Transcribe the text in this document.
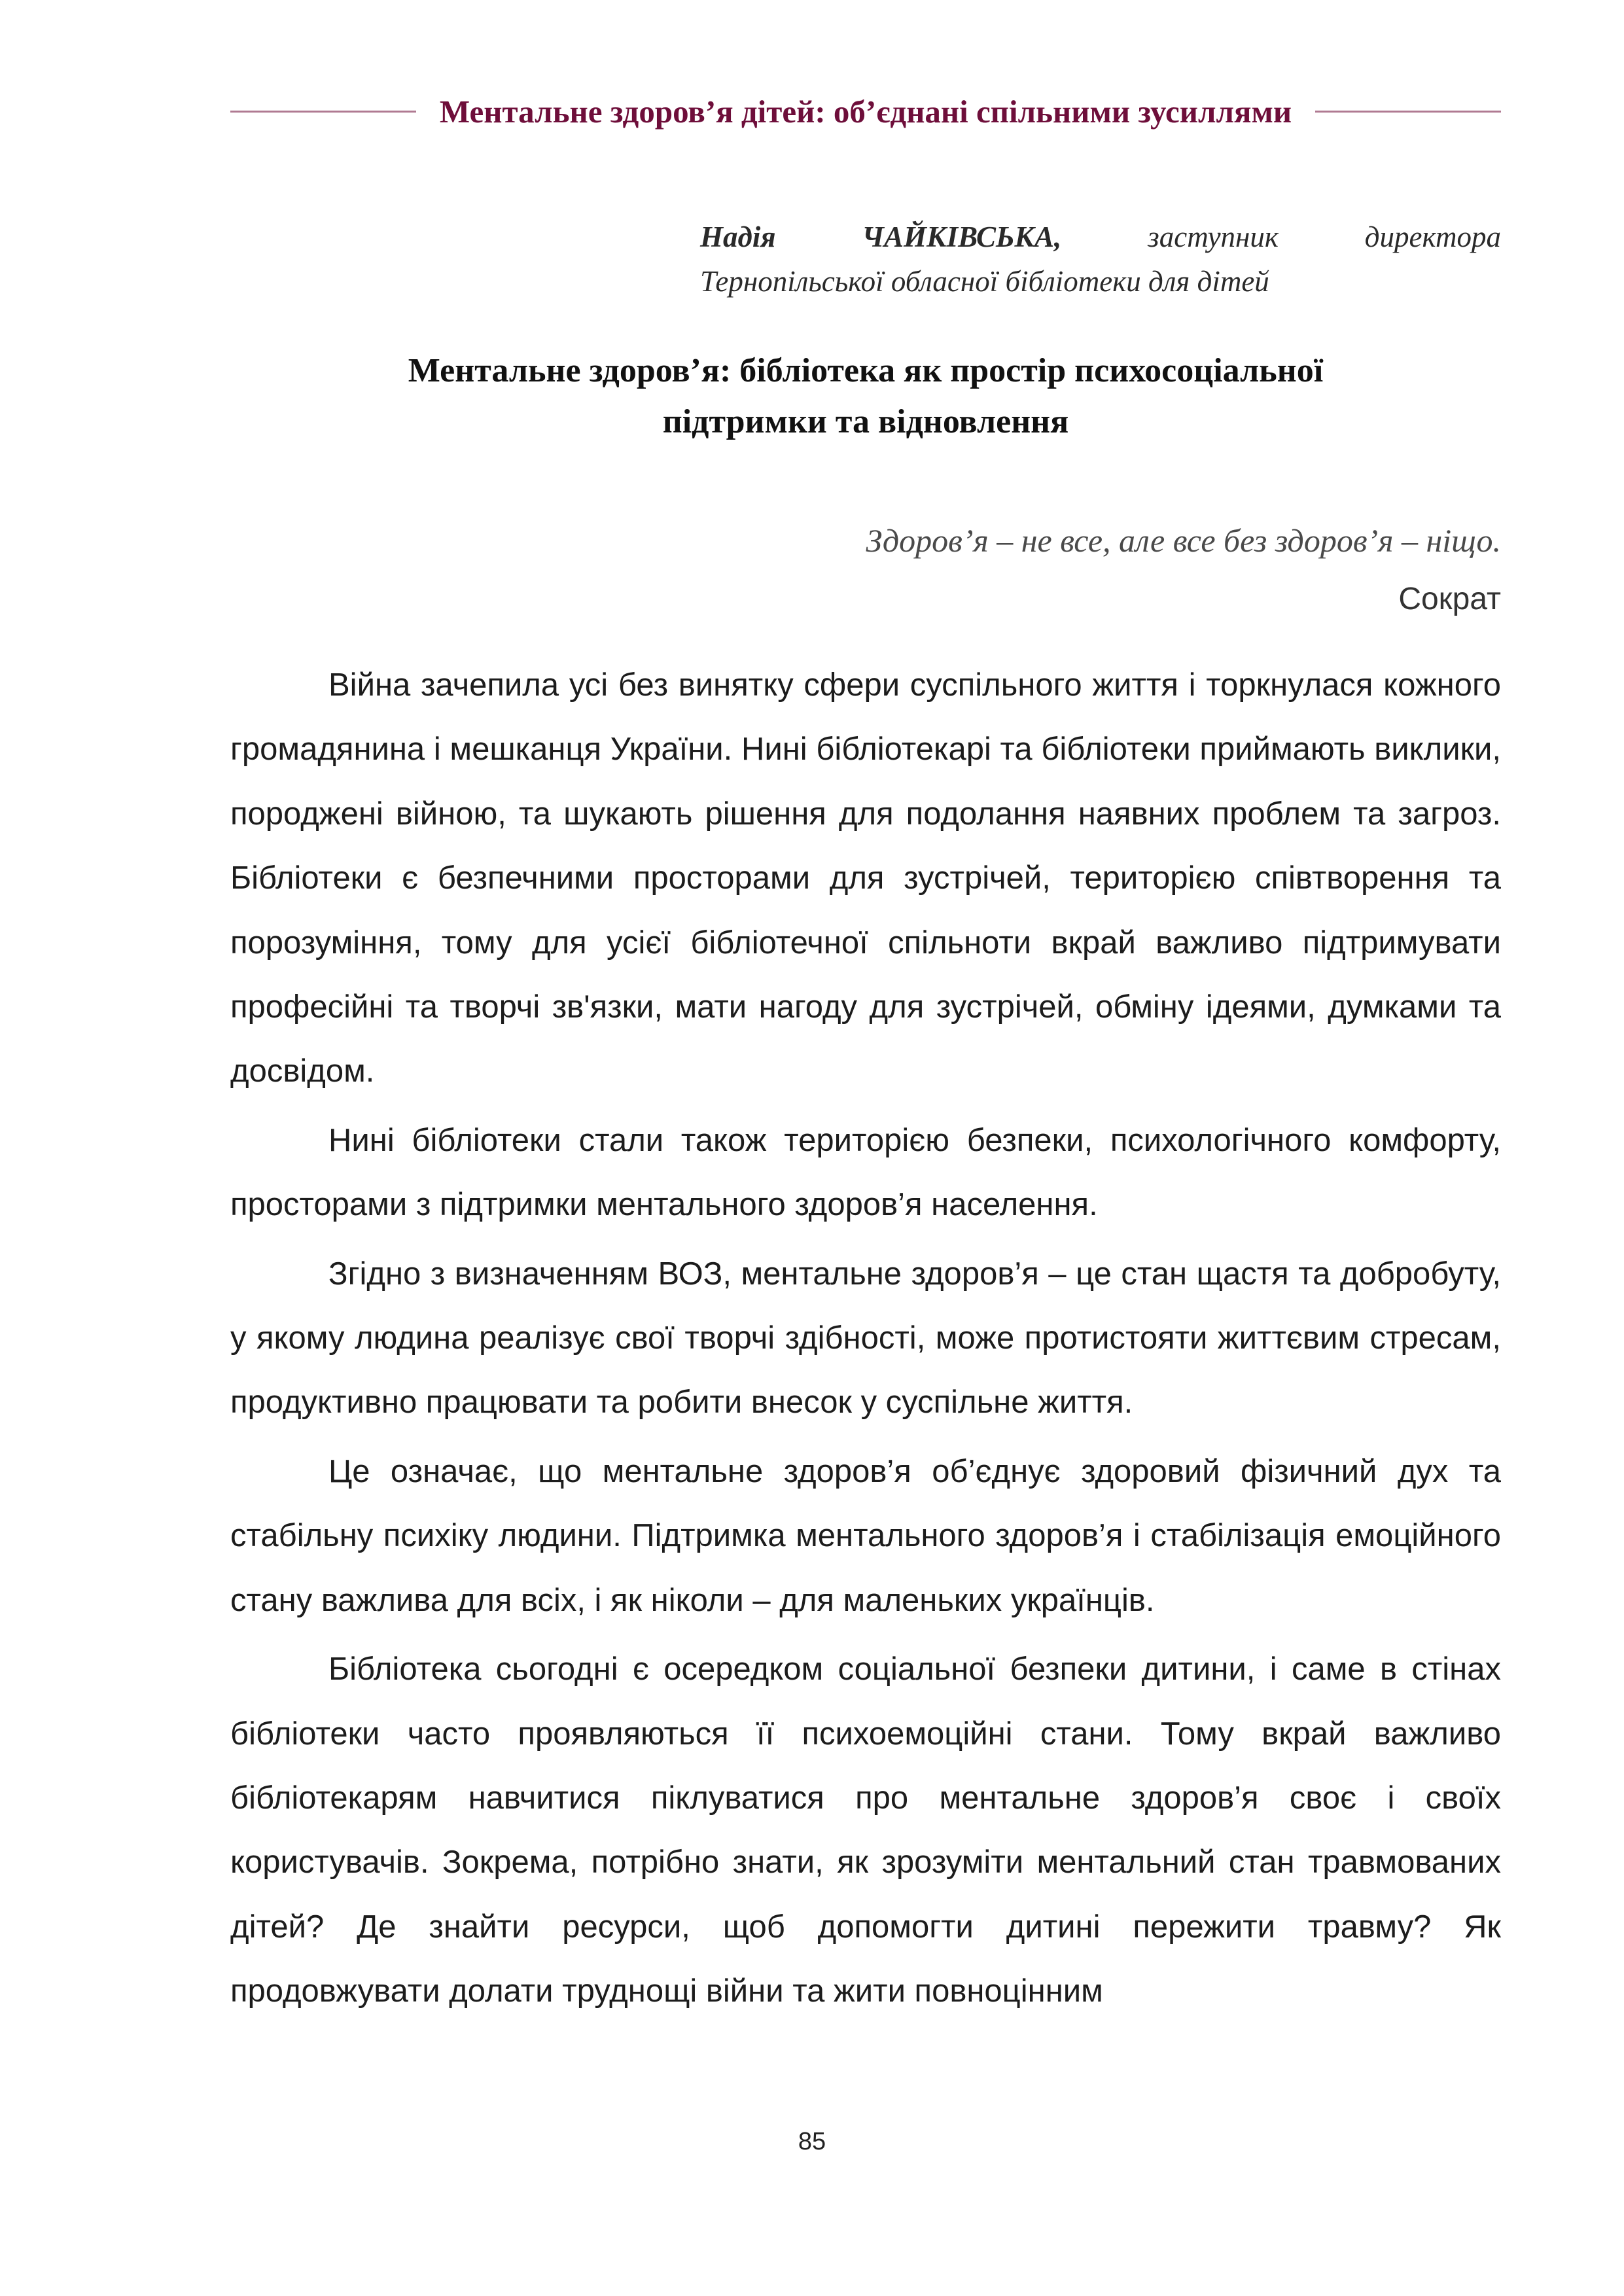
Ментальне здоров’я дітей: об’єднані спільними зусиллями
Надія	ЧАЙКІВСЬКА,	заступник	директора
Тернопільської обласної бібліотеки для дітей
Ментальне здоров’я: бібліотека як простір психосоціальної
підтримки та відновлення
Здоров’я – не все, але все без здоров’я – ніщо.
Сократ

Війна зачепила усі без винятку сфери суспільного життя і торкнулася кожного громадянина і мешканця України. Нині бібліотекарі та бібліотеки приймають виклики, породжені війною, та шукають рішення для подолання наявних проблем та загроз. Бібліотеки є безпечними просторами для зустрічей, територією співтворення та порозуміння, тому для усієї бібліотечної спільноти вкрай важливо підтримувати професійні та творчі зв'язки, мати нагоду для зустрічей, обміну ідеями, думками та досвідом.

Нині бібліотеки стали також територією безпеки, психологічного комфорту, просторами з підтримки ментального здоров’я населення.

Згідно з визначенням ВОЗ, ментальне здоров’я – це стан щастя та добробуту, у якому людина реалізує свої творчі здібності, може протистояти життєвим стресам, продуктивно працювати та робити внесок у суспільне життя.

Це означає, що ментальне здоров’я об’єднує здоровий фізичний дух та стабільну психіку людини. Підтримка ментального здоров’я і стабілізація емоційного стану важлива для всіх, і як ніколи – для маленьких українців.

Бібліотека сьогодні є осередком соціальної безпеки дитини, і саме в стінах бібліотеки часто проявляються її психоемоційні стани. Тому вкрай важливо бібліотекарям навчитися піклуватися про ментальне здоров’я своє і своїх користувачів. Зокрема, потрібно знати, як зрозуміти ментальний стан травмованих дітей? Де знайти ресурси, щоб допомогти дитині пережити травму? Як продовжувати долати труднощі війни та жити повноцінним

85
